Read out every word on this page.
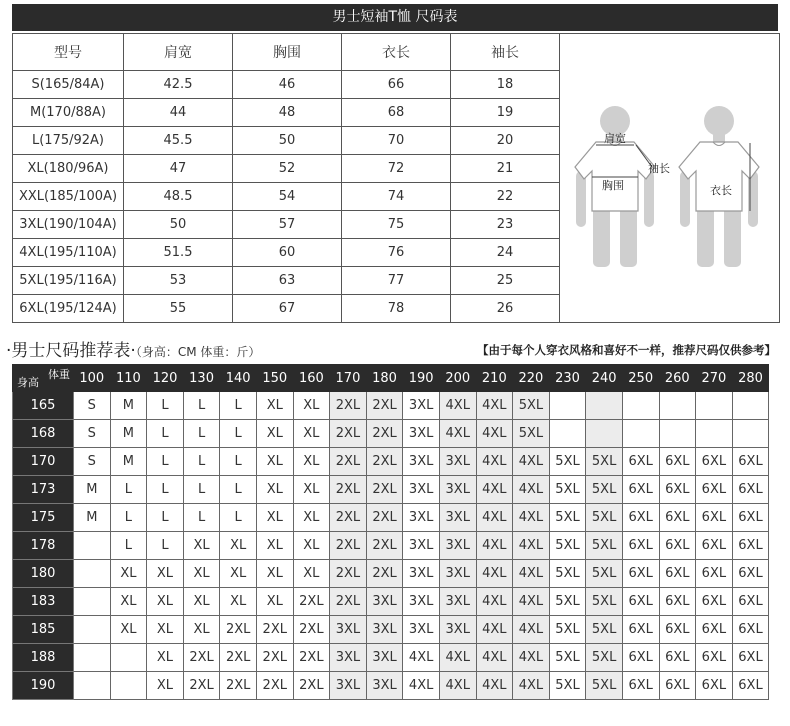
男士短袖T恤 尺码表
型号	肩宽	胸围	衣长	袖长	肩宽
胸围
袖长
衣长

S(165/84A)	42.5	46	66	18	
M(170/88A)	44	48	68	19	
L(175/92A)	45.5	50	70	20	
XL(180/96A)	47	52	72	21	
XXL(185/100A)	48.5	54	74	22	
3XL(190/104A)	50	57	75	23	
4XL(195/110A)	51.5	60	76	24	
5XL(195/116A)	53	63	77	25	
6XL(195/124A)	55	67	78	26	
·男士尺码推荐表·（身高：CM 体重：斤）	【由于每个人穿衣风格和喜好不一样，推荐尺码仅供参考】
体重
身高	100	110	120	130	140	150	160	170	180	190	200	210	220	230	240	250	260	270	280
165	S	M	L	L	L	XL	XL	2XL	2XL	3XL	4XL	4XL	5XL						
168	S	M	L	L	L	XL	XL	2XL	2XL	3XL	4XL	4XL	5XL						
170	S	M	L	L	L	XL	XL	2XL	2XL	3XL	3XL	4XL	4XL	5XL	5XL	6XL	6XL	6XL	6XL
173	M	L	L	L	L	XL	XL	2XL	2XL	3XL	3XL	4XL	4XL	5XL	5XL	6XL	6XL	6XL	6XL
175	M	L	L	L	L	XL	XL	2XL	2XL	3XL	3XL	4XL	4XL	5XL	5XL	6XL	6XL	6XL	6XL
178		L	L	XL	XL	XL	XL	2XL	2XL	3XL	3XL	4XL	4XL	5XL	5XL	6XL	6XL	6XL	6XL
180		XL	XL	XL	XL	XL	XL	2XL	2XL	3XL	3XL	4XL	4XL	5XL	5XL	6XL	6XL	6XL	6XL
183		XL	XL	XL	XL	XL	2XL	2XL	3XL	3XL	3XL	4XL	4XL	5XL	5XL	6XL	6XL	6XL	6XL
185		XL	XL	XL	2XL	2XL	2XL	3XL	3XL	3XL	3XL	4XL	4XL	5XL	5XL	6XL	6XL	6XL	6XL
188			XL	2XL	2XL	2XL	2XL	3XL	3XL	4XL	4XL	4XL	4XL	5XL	5XL	6XL	6XL	6XL	6XL
190			XL	2XL	2XL	2XL	2XL	3XL	3XL	4XL	4XL	4XL	4XL	5XL	5XL	6XL	6XL	6XL	6XL
